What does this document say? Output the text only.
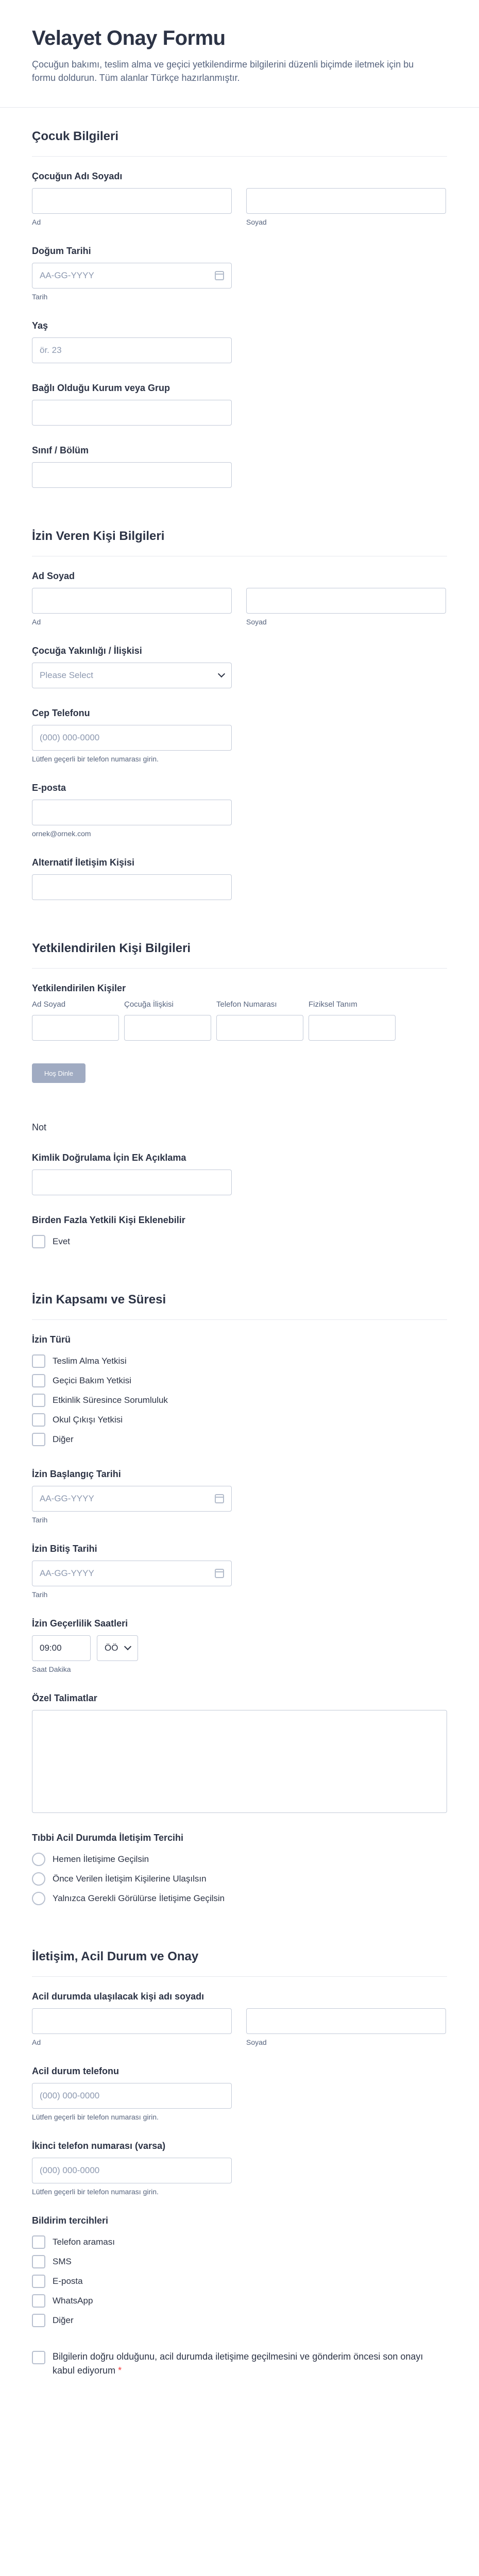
Velayet Onay Formu

Çocuğun bakımı, teslim alma ve geçici yetkilendirme bilgilerini düzenli biçimde iletmek için bu formu doldurun. Tüm alanlar Türkçe hazırlanmıştır.

Çocuk Bilgileri
Çocuğun Adı Soyadı
Ad	Soyad
Doğum Tarihi
AA-GG-YYYY
Tarih
Yaş
ör. 23
Bağlı Olduğu Kurum veya Grup
Sınıf / Bölüm
İzin Veren Kişi Bilgileri
Ad Soyad
Ad	Soyad
Çocuğa Yakınlığı / İlişkisi
Please Select
Cep Telefonu
(000) 000-0000
Lütfen geçerli bir telefon numarası girin.
E-posta
ornek@ornek.com
Alternatif İletişim Kişisi
Yetkilendirilen Kişi Bilgileri
Yetkilendirilen Kişiler
Ad Soyad	Çocuğa İlişkisi	Telefon Numarası	Fiziksel Tanım
Hoş Dinle
Not
Kimlik Doğrulama İçin Ek Açıklama
Birden Fazla Yetkili Kişi Eklenebilir
Evet
İzin Kapsamı ve Süresi
İzin Türü
Teslim Alma Yetkisi
Geçici Bakım Yetkisi
Etkinlik Süresince Sorumluluk
Okul Çıkışı Yetkisi
Diğer
İzin Başlangıç Tarihi
AA-GG-YYYY
Tarih
İzin Bitiş Tarihi
AA-GG-YYYY
Tarih
İzin Geçerlilik Saatleri
09:00	ÖÖ
Saat Dakika
Özel Talimatlar
Tıbbi Acil Durumda İletişim Tercihi
Hemen İletişime Geçilsin
Önce Verilen İletişim Kişilerine Ulaşılsın
Yalnızca Gerekli Görülürse İletişime Geçilsin
İletişim, Acil Durum ve Onay
Acil durumda ulaşılacak kişi adı soyadı
Ad	Soyad
Acil durum telefonu
(000) 000-0000
Lütfen geçerli bir telefon numarası girin.
İkinci telefon numarası (varsa)
(000) 000-0000
Lütfen geçerli bir telefon numarası girin.
Bildirim tercihleri
Telefon araması
SMS
E-posta
WhatsApp
Diğer
Bilgilerin doğru olduğunu, acil durumda iletişime geçilmesini ve gönderim öncesi son onayı kabul ediyorum *
